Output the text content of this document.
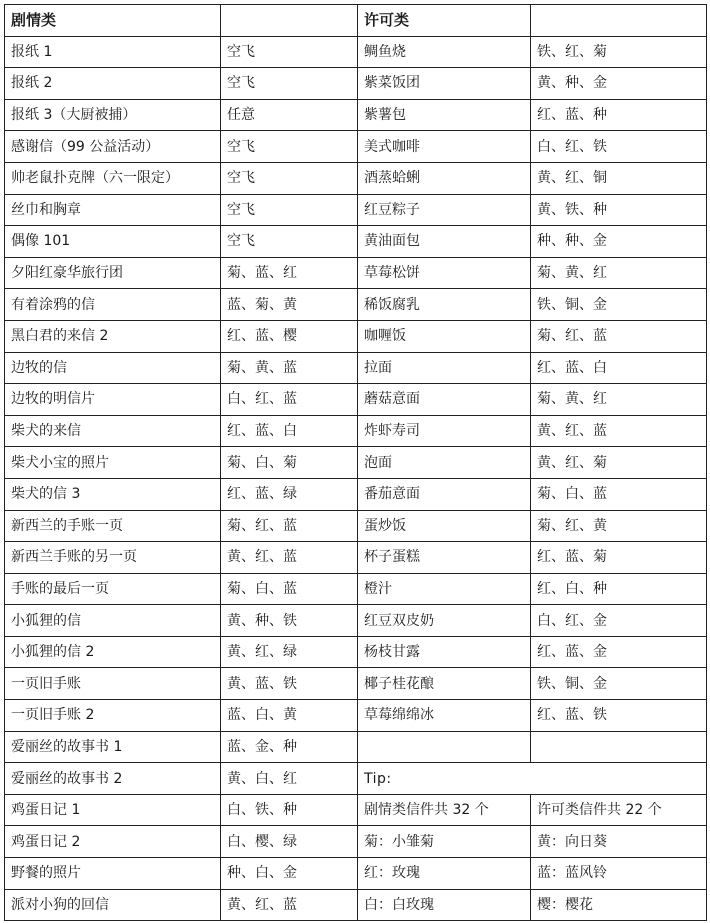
剧情类		许可类	
报纸 1	空飞	鲷鱼烧	铁、红、菊
报纸 2	空飞	紫菜饭团	黄、种、金
报纸 3（大厨被捕）	任意	紫薯包	红、蓝、种
感谢信（99 公益活动）	空飞	美式咖啡	白、红、铁
帅老鼠扑克牌（六一限定）	空飞	酒蒸蛤蜊	黄、红、铜
丝巾和胸章	空飞	红豆粽子	黄、铁、种
偶像 101	空飞	黄油面包	种、种、金
夕阳红豪华旅行团	菊、蓝、红	草莓松饼	菊、黄、红
有着涂鸦的信	蓝、菊、黄	稀饭腐乳	铁、铜、金
黑白君的来信 2	红、蓝、樱	咖喱饭	菊、红、蓝
边牧的信	菊、黄、蓝	拉面	红、蓝、白
边牧的明信片	白、红、蓝	蘑菇意面	菊、黄、红
柴犬的来信	红、蓝、白	炸虾寿司	黄、红、蓝
柴犬小宝的照片	菊、白、菊	泡面	黄、红、菊
柴犬的信 3	红、蓝、绿	番茄意面	菊、白、蓝
新西兰的手账一页	菊、红、蓝	蛋炒饭	菊、红、黄
新西兰手账的另一页	黄、红、蓝	杯子蛋糕	红、蓝、菊
手账的最后一页	菊、白、蓝	橙汁	红、白、种
小狐狸的信	黄、种、铁	红豆双皮奶	白、红、金
小狐狸的信 2	黄、红、绿	杨枝甘露	红、蓝、金
一页旧手账	黄、蓝、铁	椰子桂花酿	铁、铜、金
一页旧手账 2	蓝、白、黄	草莓绵绵冰	红、蓝、铁
爱丽丝的故事书 1	蓝、金、种		
爱丽丝的故事书 2	黄、白、红	Tip:	
鸡蛋日记 1	白、铁、种	剧情类信件共 32 个	许可类信件共 22 个
鸡蛋日记 2	白、樱、绿	菊：小雏菊	黄：向日葵
野餐的照片	种、白、金	红：玫瑰	蓝：蓝风铃
派对小狗的回信	黄、红、蓝	白：白玫瑰	樱：樱花
